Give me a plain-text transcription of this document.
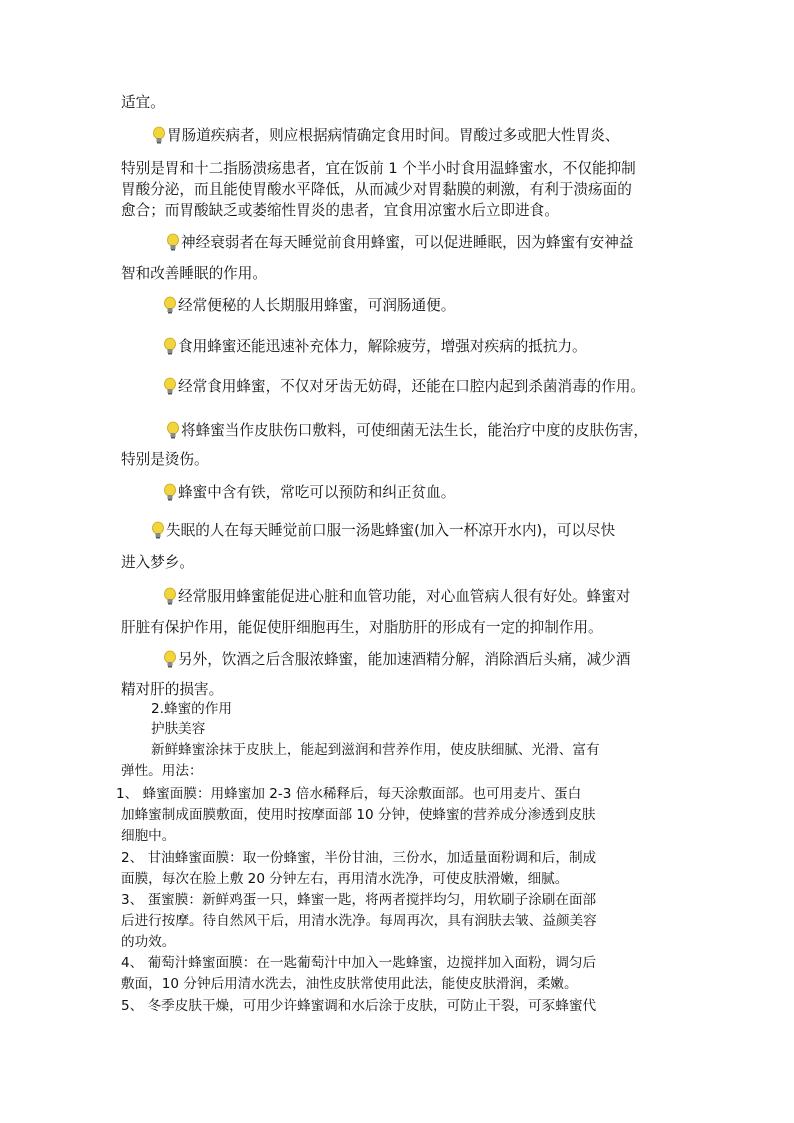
适宜。
胃肠道疾病者，则应根据病情确定食用时间。胃酸过多或肥大性胃炎、
特别是胃和十二指肠溃疡患者，宜在饭前 1 个半小时食用温蜂蜜水，不仅能抑制
胃酸分泌，而且能使胃酸水平降低，从而减少对胃黏膜的刺激，有利于溃疡面的
愈合；而胃酸缺乏或萎缩性胃炎的患者，宜食用凉蜜水后立即进食。
神经衰弱者在每天睡觉前食用蜂蜜，可以促进睡眠，因为蜂蜜有安神益
智和改善睡眠的作用。
经常便秘的人长期服用蜂蜜，可润肠通便。
食用蜂蜜还能迅速补充体力，解除疲劳，增强对疾病的抵抗力。
经常食用蜂蜜，不仅对牙齿无妨碍，还能在口腔内起到杀菌消毒的作用。
将蜂蜜当作皮肤伤口敷料，可使细菌无法生长，能治疗中度的皮肤伤害，
特别是烫伤。
蜂蜜中含有铁，常吃可以预防和纠正贫血。
失眠的人在每天睡觉前口服一汤匙蜂蜜(加入一杯凉开水内)，可以尽快
进入梦乡。
经常服用蜂蜜能促进心脏和血管功能，对心血管病人很有好处。蜂蜜对
肝脏有保护作用，能促使肝细胞再生，对脂肪肝的形成有一定的抑制作用。
另外，饮酒之后含服浓蜂蜜，能加速酒精分解，消除酒后头痛，减少酒
精对肝的损害。
2.蜂蜜的作用
护肤美容
新鲜蜂蜜涂抹于皮肤上，能起到滋润和营养作用，使皮肤细腻、光滑、富有
弹性。用法：
1、 蜂蜜面膜：用蜂蜜加 2-3 倍水稀释后，每天涂敷面部。也可用麦片、蛋白
加蜂蜜制成面膜敷面，使用时按摩面部 10 分钟，使蜂蜜的营养成分渗透到皮肤
细胞中。
2、 甘油蜂蜜面膜：取一份蜂蜜，半份甘油，三份水，加适量面粉调和后，制成
面膜，每次在脸上敷 20 分钟左右，再用清水洗净，可使皮肤滑嫩，细腻。
3、 蛋蜜膜：新鲜鸡蛋一只，蜂蜜一匙，将两者搅拌均匀，用软刷子涂刷在面部
后进行按摩。待自然风干后，用清水洗净。每周再次，具有润肤去皱、益颜美容
的功效。
4、 葡萄汁蜂蜜面膜：在一匙葡萄汁中加入一匙蜂蜜，边搅拌加入面粉，调匀后
敷面，10 分钟后用清水洗去，油性皮肤常使用此法，能使皮肤滑润，柔嫩。
5、 冬季皮肤干燥，可用少许蜂蜜调和水后涂于皮肤，可防止干裂，可豕蜂蜜代
